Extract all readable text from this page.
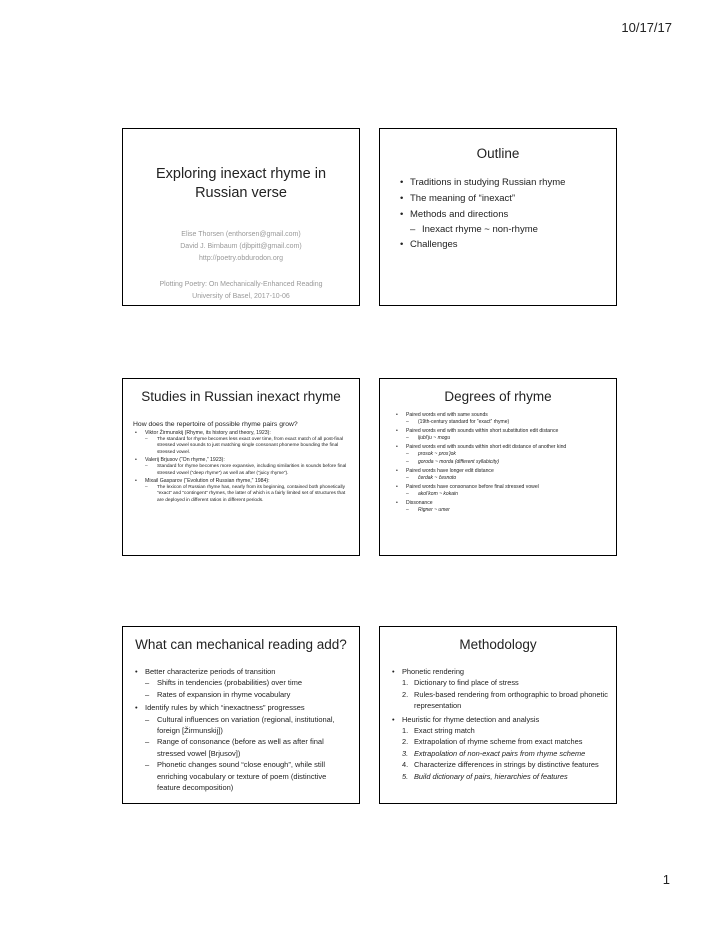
10/17/17
Exploring inexact rhyme in Russian verse
Elise Thorsen (enthorsen@gmail.com)
David J. Birnbaum (djbpitt@gmail.com)
http://poetry.obdurodon.org
Plotting Poetry: On Mechanically-Enhanced Reading
University of Basel, 2017-10-06
Outline
• Traditions in studying Russian rhyme
• The meaning of “inexact”
• Methods and directions
– Inexact rhyme ~ non-rhyme
• Challenges
Studies in Russian inexact rhyme
How does the repertoire of possible rhyme pairs grow?
• Viktor Žirmunskij (Rhyme, its history and theory, 1923):
– The standard for rhyme becomes less exact over time, from exact match of all post-final stressed vowel sounds to just matching single consonant phoneme bounding the final stressed vowel.
• Valerij Brjusov (“On rhyme,” 1923):
– Standard for rhyme becomes more expansive, including similarities in sounds before final stressed vowel (“deep rhyme”) as well as after (“juicy rhyme”).
• Mixail Gasparov (“Evolution of Russian rhyme,” 1984):
– The lexicon of Russian rhyme has, nearly from its beginning, contained both phonetically “exact” and “contingent” rhymes, the latter of which is a fairly limited set of structures that are deployed in different ratios in different periods.
Degrees of rhyme
• Paired words end with same sounds
– (19th-century standard for “exact” rhyme)
• Paired words end with sounds within short substitution edit distance
– ljubl’ju ~ mogu
• Paired words end with sounds within short edit distance of another kind
– prosok ~ pros’jok
– goroda ~ morda (different syllabicity)
• Paired words have longer edit distance
– čerdak ~ česnoto
• Paired words have consonance before final stressed vowel
– akol’kom ~ kokain
• Dissonance
– Rigner ~ umer
What can mechanical reading add?
• Better characterize periods of transition
– Shifts in tendencies (probabilities) over time
– Rates of expansion in rhyme vocabulary
• Identify rules by which “inexactness” progresses
– Cultural influences on variation (regional, institutional, foreign [Žirmunskij])
– Range of consonance (before as well as after final stressed vowel [Brjusov])
– Phonetic changes sound “close enough”, while still enriching vocabulary or texture of poem (distinctive feature decomposition)
Methodology
• Phonetic rendering
1. Dictionary to find place of stress
2. Rules-based rendering from orthographic to broad phonetic representation
• Heuristic for rhyme detection and analysis
1. Exact string match
2. Extrapolation of rhyme scheme from exact matches
3. Extrapolation of non-exact pairs from rhyme scheme
4. Characterize differences in strings by distinctive features
5. Build dictionary of pairs, hierarchies of features
1
